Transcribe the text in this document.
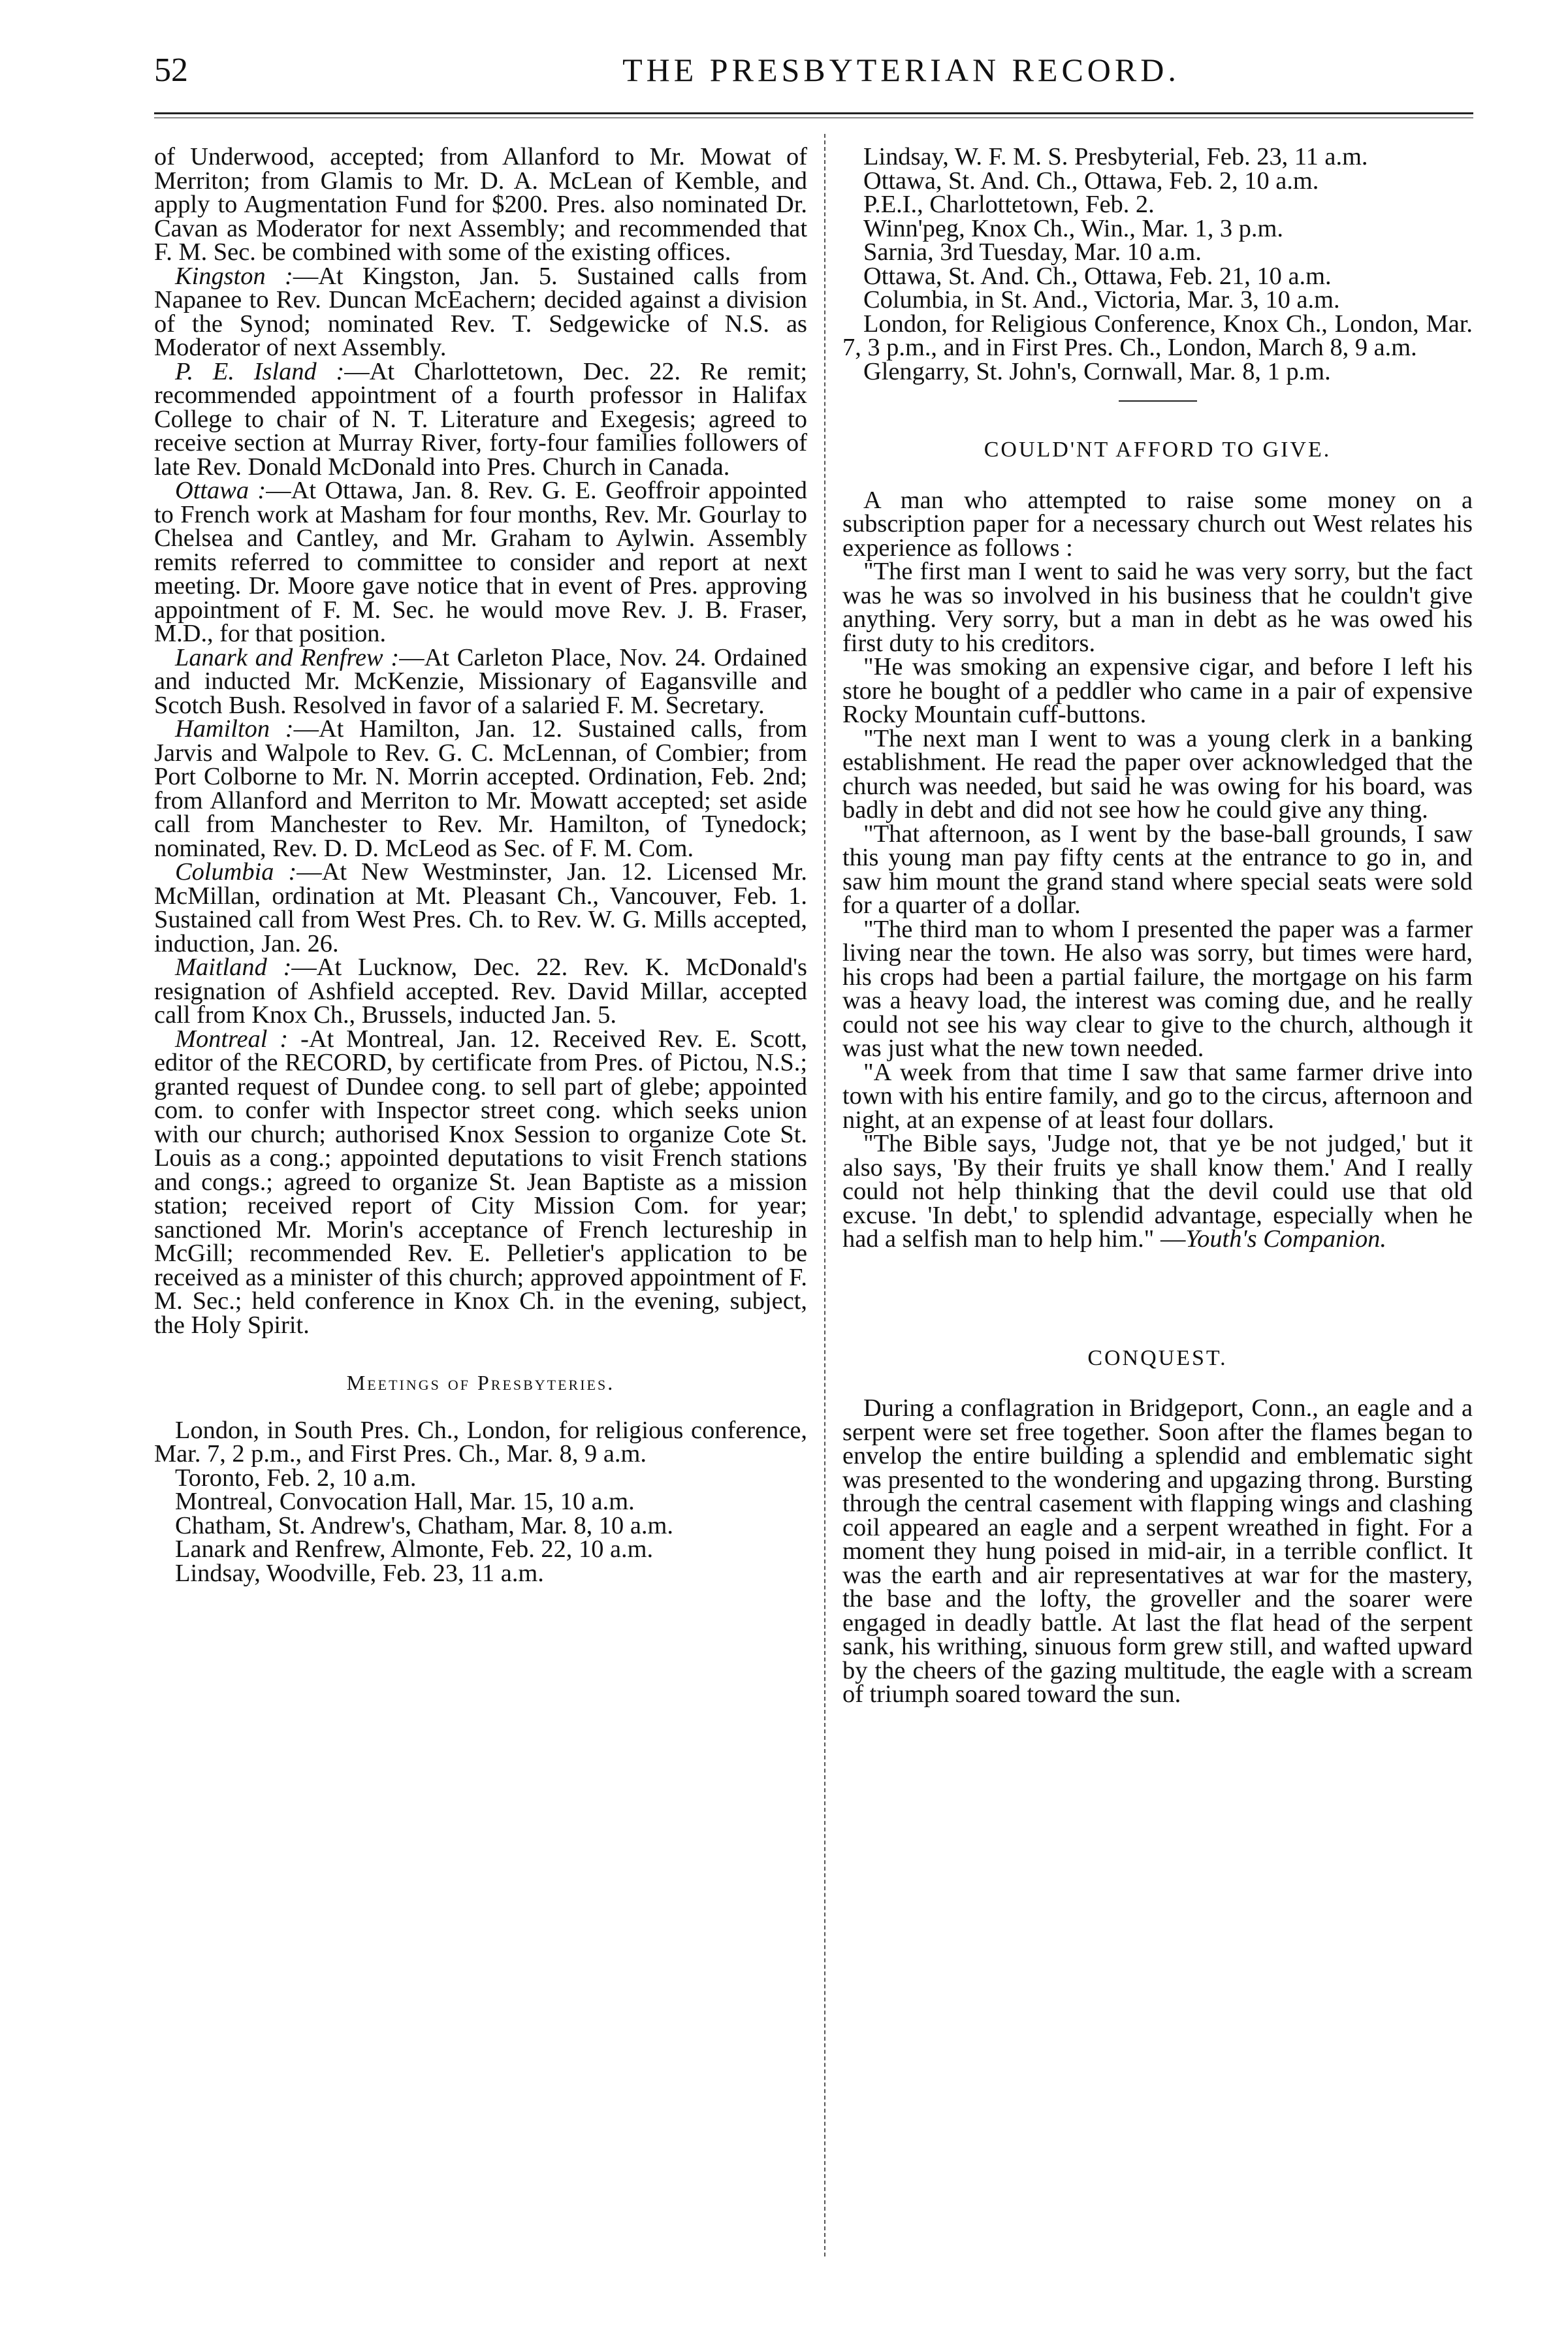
52	THE PRESBYTERIAN RECORD.

of Underwood, accepted; from Allanford to Mr. Mowat of Merriton; from Glamis to Mr. D. A. McLean of Kemble, and apply to Augmentation Fund for $200. Pres. also nominated Dr. Cavan as Moderator for next Assembly; and recommended that F. M. Sec. be combined with some of the existing offices.

Kingston :—At Kingston, Jan. 5. Sustained calls from Napanee to Rev. Duncan McEachern; decided against a division of the Synod; nominated Rev. T. Sedgewicke of N.S. as Moderator of next Assembly.

P. E. Island :—At Charlottetown, Dec. 22. Re remit; recommended appointment of a fourth professor in Halifax College to chair of N. T. Literature and Exegesis; agreed to receive section at Murray River, forty-four families followers of late Rev. Donald McDonald into Pres. Church in Canada.

Ottawa :—At Ottawa, Jan. 8. Rev. G. E. Geoffroir appointed to French work at Masham for four months, Rev. Mr. Gourlay to Chelsea and Cantley, and Mr. Graham to Aylwin. Assembly remits referred to committee to consider and report at next meeting. Dr. Moore gave notice that in event of Pres. approving appointment of F. M. Sec. he would move Rev. J. B. Fraser, M.D., for that position.

Lanark and Renfrew :—At Carleton Place, Nov. 24. Ordained and inducted Mr. McKenzie, Missionary of Eagansville and Scotch Bush. Resolved in favor of a salaried F. M. Secretary.

Hamilton :—At Hamilton, Jan. 12. Sustained calls, from Jarvis and Walpole to Rev. G. C. McLennan, of Combier; from Port Colborne to Mr. N. Morrin accepted. Ordination, Feb. 2nd; from Allanford and Merriton to Mr. Mowatt accepted; set aside call from Manchester to Rev. Mr. Hamilton, of Tynedock; nominated, Rev. D. D. McLeod as Sec. of F. M. Com.

Columbia :—At New Westminster, Jan. 12. Licensed Mr. McMillan, ordination at Mt. Pleasant Ch., Vancouver, Feb. 1. Sustained call from West Pres. Ch. to Rev. W. G. Mills accepted, induction, Jan. 26.

Maitland :—At Lucknow, Dec. 22. Rev. K. McDonald's resignation of Ashfield accepted. Rev. David Millar, accepted call from Knox Ch., Brussels, inducted Jan. 5.

Montreal : -At Montreal, Jan. 12. Received Rev. E. Scott, editor of the RECORD, by certificate from Pres. of Pictou, N.S.; granted request of Dundee cong. to sell part of glebe; appointed com. to confer with Inspector street cong. which seeks union with our church; authorised Knox Session to organize Cote St. Louis as a cong.; appointed deputations to visit French stations and congs.; agreed to organize St. Jean Baptiste as a mission station; received report of City Mission Com. for year; sanctioned Mr. Morin's acceptance of French lectureship in McGill; recommended Rev. E. Pelletier's application to be received as a minister of this church; approved appointment of F. M. Sec.; held conference in Knox Ch. in the evening, subject, the Holy Spirit.

Meetings of Presbyteries.

London, in South Pres. Ch., London, for religious conference, Mar. 7, 2 p.m., and First Pres. Ch., Mar. 8, 9 a.m.

Toronto, Feb. 2, 10 a.m.

Montreal, Convocation Hall, Mar. 15, 10 a.m.

Chatham, St. Andrew's, Chatham, Mar. 8, 10 a.m.

Lanark and Renfrew, Almonte, Feb. 22, 10 a.m.

Lindsay, Woodville, Feb. 23, 11 a.m.

Lindsay, W. F. M. S. Presbyterial, Feb. 23, 11 a.m.

Ottawa, St. And. Ch., Ottawa, Feb. 2, 10 a.m.

P.E.I., Charlottetown, Feb. 2.

Winn'peg, Knox Ch., Win., Mar. 1, 3 p.m.

Sarnia, 3rd Tuesday, Mar. 10 a.m.

Ottawa, St. And. Ch., Ottawa, Feb. 21, 10 a.m.

Columbia, in St. And., Victoria, Mar. 3, 10 a.m.

London, for Religious Conference, Knox Ch., London, Mar. 7, 3 p.m., and in First Pres. Ch., London, March 8, 9 a.m.

Glengarry, St. John's, Cornwall, Mar. 8, 1 p.m.

COULD'NT AFFORD TO GIVE.

A man who attempted to raise some money on a subscription paper for a necessary church out West relates his experience as follows :

"The first man I went to said he was very sorry, but the fact was he was so involved in his business that he couldn't give anything. Very sorry, but a man in debt as he was owed his first duty to his creditors.

"He was smoking an expensive cigar, and before I left his store he bought of a peddler who came in a pair of expensive Rocky Mountain cuff-buttons.

"The next man I went to was a young clerk in a banking establishment. He read the paper over acknowledged that the church was needed, but said he was owing for his board, was badly in debt and did not see how he could give any thing.

"That afternoon, as I went by the base-ball grounds, I saw this young man pay fifty cents at the entrance to go in, and saw him mount the grand stand where special seats were sold for a quarter of a dollar.

"The third man to whom I presented the paper was a farmer living near the town. He also was sorry, but times were hard, his crops had been a partial failure, the mortgage on his farm was a heavy load, the interest was coming due, and he really could not see his way clear to give to the church, although it was just what the new town needed.

"A week from that time I saw that same farmer drive into town with his entire family, and go to the circus, afternoon and night, at an expense of at least four dollars.

"The Bible says, 'Judge not, that ye be not judged,' but it also says, 'By their fruits ye shall know them.' And I really could not help thinking that the devil could use that old excuse. 'In debt,' to splendid advantage, especially when he had a selfish man to help him." —Youth's Companion.

CONQUEST.

During a conflagration in Bridgeport, Conn., an eagle and a serpent were set free together. Soon after the flames began to envelop the entire building a splendid and emblematic sight was presented to the wondering and upgazing throng. Bursting through the central casement with flapping wings and clashing coil appeared an eagle and a serpent wreathed in fight. For a moment they hung poised in mid-air, in a terrible conflict. It was the earth and air representatives at war for the mastery, the base and the lofty, the groveller and the soarer were engaged in deadly battle. At last the flat head of the serpent sank, his writhing, sinuous form grew still, and wafted upward by the cheers of the gazing multitude, the eagle with a scream of triumph soared toward the sun.
